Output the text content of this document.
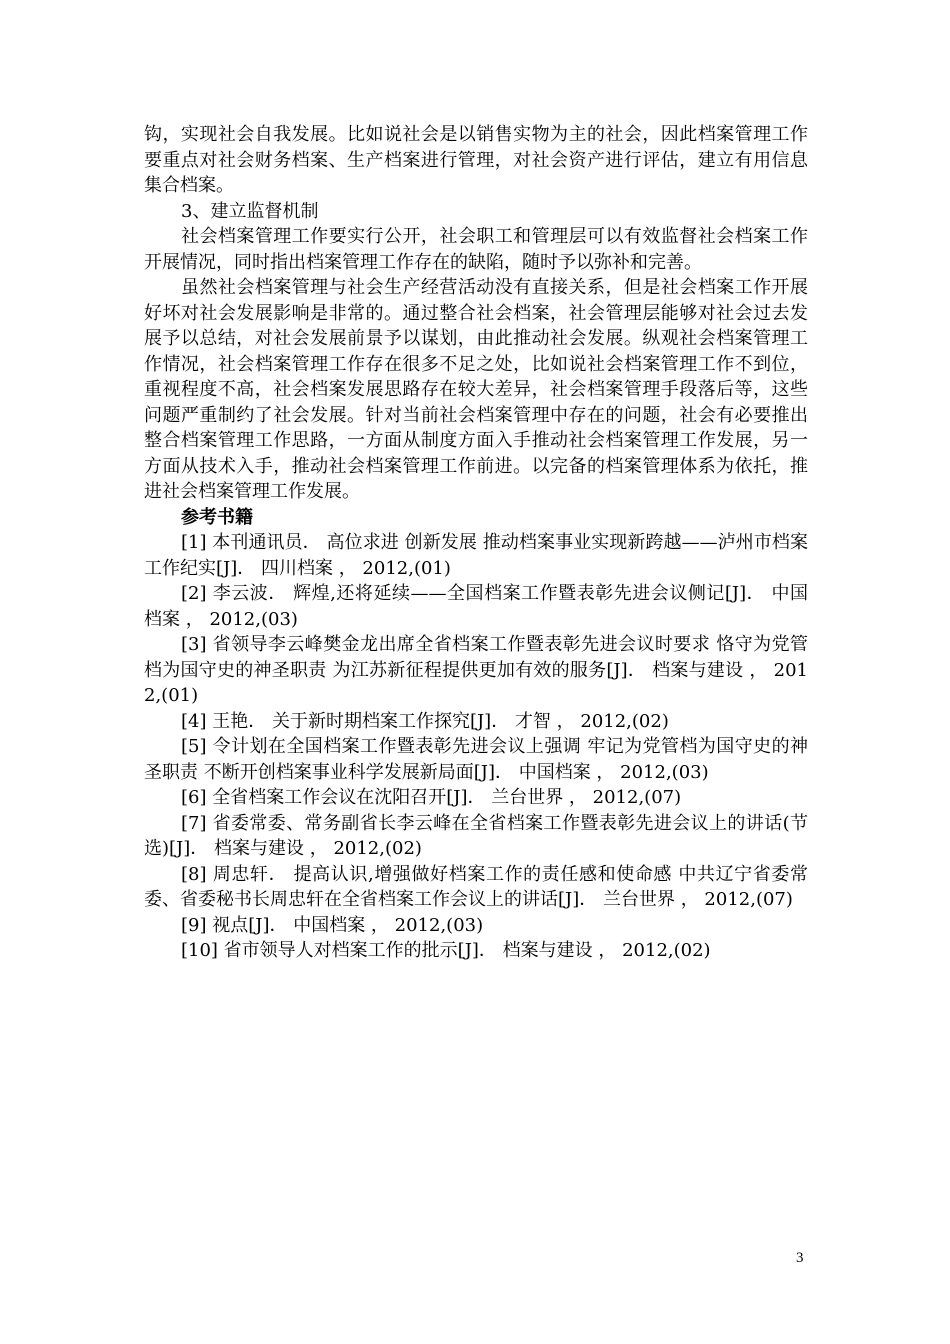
钩，实现社会自我发展。比如说社会是以销售实物为主的社会，因此档案管理工作要重点对社会财务档案、生产档案进行管理，对社会资产进行评估，建立有用信息集合档案。

3、建立监督机制

社会档案管理工作要实行公开，社会职工和管理层可以有效监督社会档案工作开展情况，同时指出档案管理工作存在的缺陷，随时予以弥补和完善。

虽然社会档案管理与社会生产经营活动没有直接关系，但是社会档案工作开展好坏对社会发展影响是非常的。通过整合社会档案，社会管理层能够对社会过去发展予以总结，对社会发展前景予以谋划，由此推动社会发展。纵观社会档案管理工作情况，社会档案管理工作存在很多不足之处，比如说社会档案管理工作不到位，重视程度不高，社会档案发展思路存在较大差异，社会档案管理手段落后等，这些问题严重制约了社会发展。针对当前社会档案管理中存在的问题，社会有必要推出整合档案管理工作思路，一方面从制度方面入手推动社会档案管理工作发展，另一方面从技术入手，推动社会档案管理工作前进。以完备的档案管理体系为依托，推进社会档案管理工作发展。

参考书籍

[1] 本刊通讯员． 高位求进 创新发展 推动档案事业实现新跨越——泸州市档案工作纪实[J]． 四川档案 ， 2012,(01)

[2] 李云波． 辉煌,还将延续——全国档案工作暨表彰先进会议侧记[J]． 中国档案 ， 2012,(03)

[3] 省领导李云峰樊金龙出席全省档案工作暨表彰先进会议时要求 恪守为党管档为国守史的神圣职责 为江苏新征程提供更加有效的服务[J]． 档案与建设 ， 2012,(01)

[4] 王艳． 关于新时期档案工作探究[J]． 才智 ， 2012,(02)

[5] 令计划在全国档案工作暨表彰先进会议上强调 牢记为党管档为国守史的神圣职责 不断开创档案事业科学发展新局面[J]． 中国档案 ， 2012,(03)

[6] 全省档案工作会议在沈阳召开[J]． 兰台世界 ， 2012,(07)

[7] 省委常委、常务副省长李云峰在全省档案工作暨表彰先进会议上的讲话(节选)[J]． 档案与建设 ， 2012,(02)

[8] 周忠轩． 提高认识,增强做好档案工作的责任感和使命感 中共辽宁省委常委、省委秘书长周忠轩在全省档案工作会议上的讲话[J]． 兰台世界 ， 2012,(07)

[9] 视点[J]． 中国档案 ， 2012,(03)

[10] 省市领导人对档案工作的批示[J]． 档案与建设 ， 2012,(02)

3
